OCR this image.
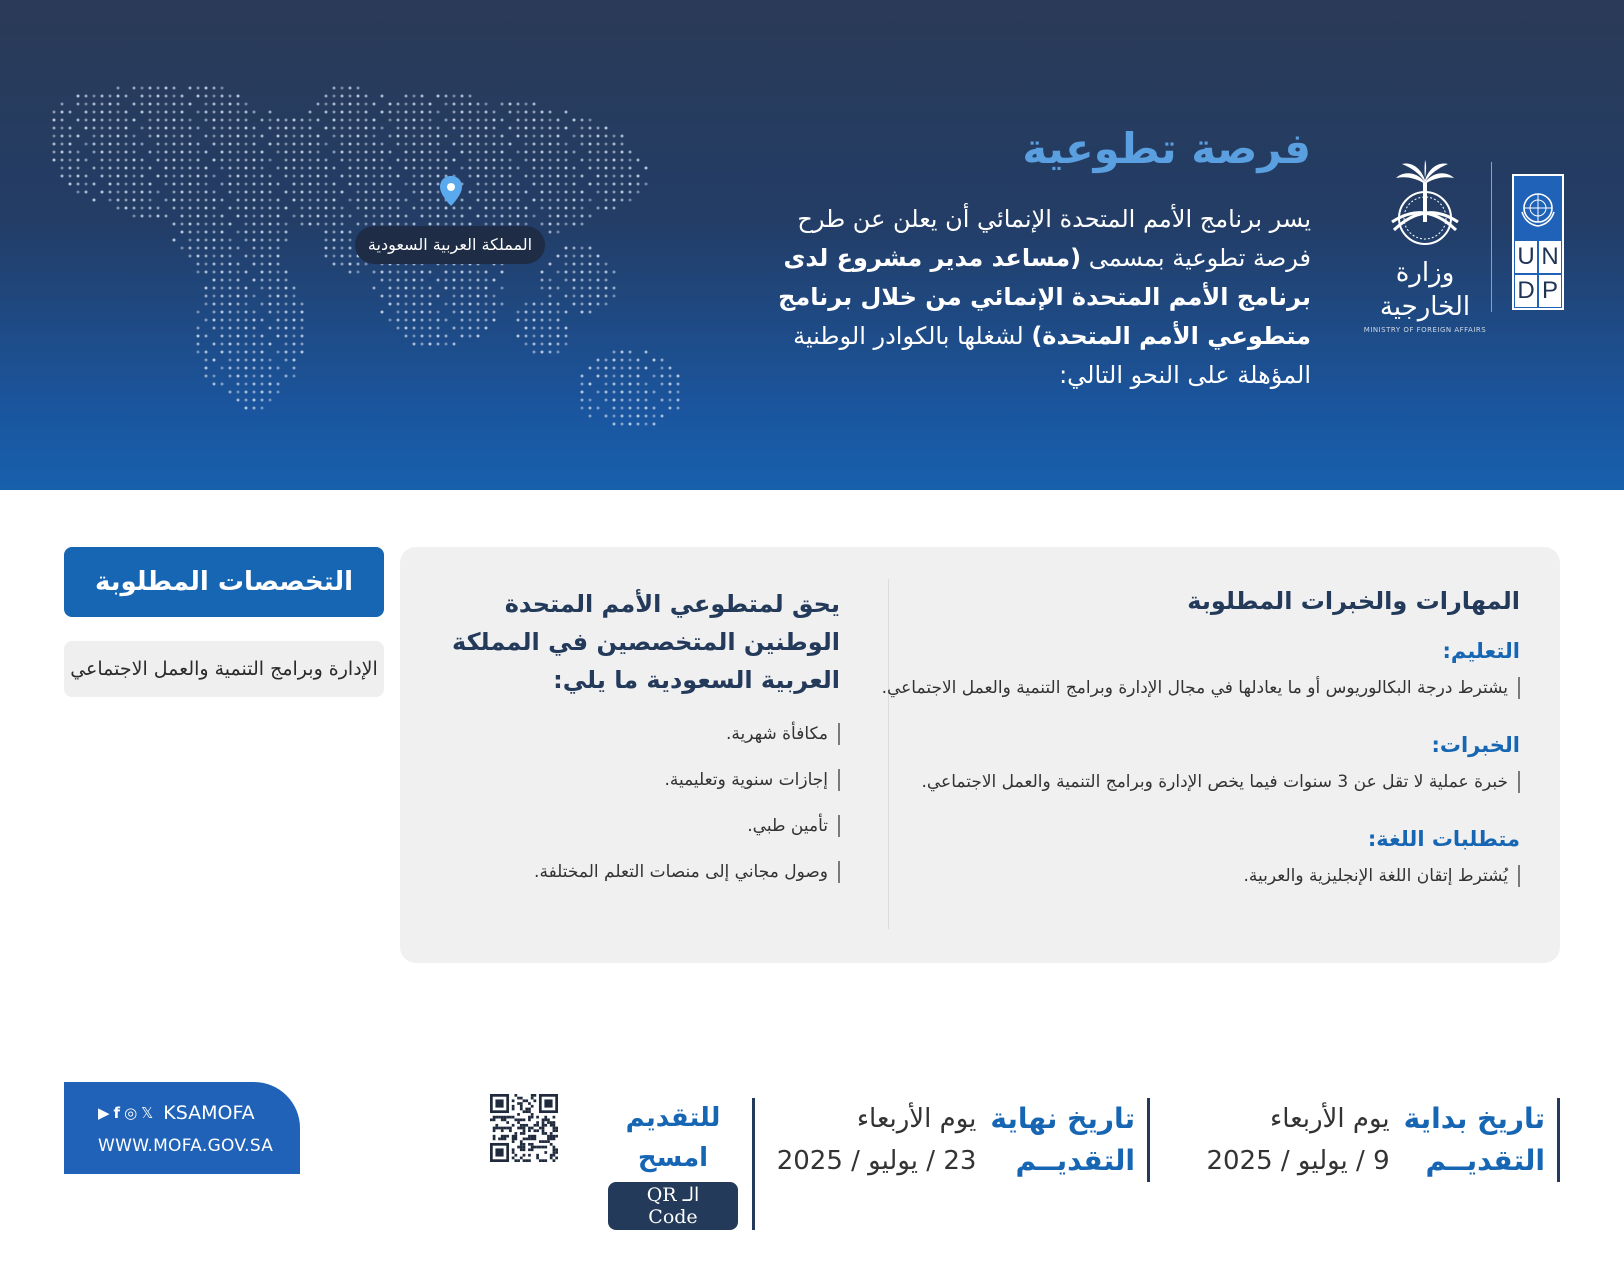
المملكة العربية السعودية
فرصة تطوعية

يسر برنامج الأمم المتحدة الإنمائي أن يعلن عن طرح فرصة تطوعية بمسمى (مساعد مدير مشروع لدى برنامج الأمم المتحدة الإنمائي من خلال برنامج متطوعي الأمم المتحدة) لشغلها بالكوادر الوطنية المؤهلة على النحو التالي:

وزارة الخارجية
MINISTRY OF FOREIGN AFFAIRS
U N
D P
التخصصات المطلوبة
الإدارة وبرامج التنمية والعمل الاجتماعي
المهارات والخبرات المطلوبة
التعليم:
يشترط درجة البكالوريوس أو ما يعادلها في مجال الإدارة وبرامج التنمية والعمل الاجتماعي.
الخبرات:
خبرة عملية لا تقل عن 3 سنوات فيما يخص الإدارة وبرامج التنمية والعمل الاجتماعي.
متطلبات اللغة:
يُشترط إتقان اللغة الإنجليزية والعربية.
يحق لمتطوعي الأمم المتحدة الوطنين المتخصصين في المملكة العربية السعودية ما يلي:
مكافأة شهرية.
إجازات سنوية وتعليمية.
تأمين طبي.
وصول مجاني إلى منصات التعلم المختلفة.
تاريخ بداية
التقديــم
يوم الأربعاء
9 / يوليو / 2025
تاريخ نهاية
التقديــم
يوم الأربعاء
23 / يوليو / 2025
للتقديم امسح
الـ QR Code
▶ f ◎ 𝕏 KSAMOFA
WWW.MOFA.GOV.SA
